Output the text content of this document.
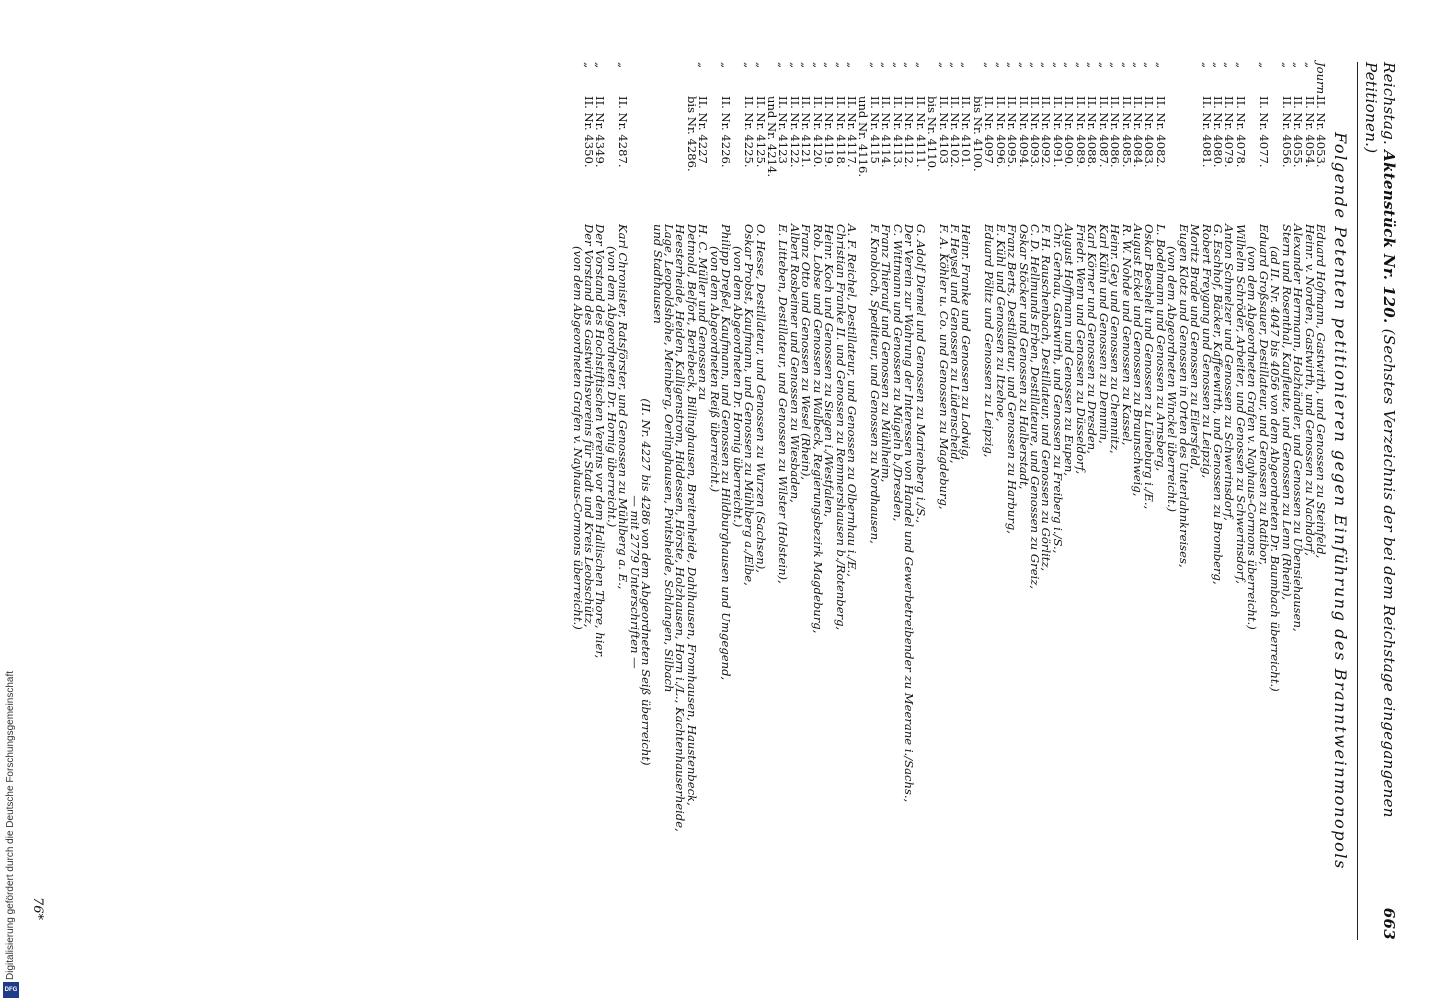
Reichstag. Aktenstück Nr. 120. (Sechstes Verzeichnis der bei dem Reichstage eingegangenen Petitionen.)
663
Folgende Petenten petitionieren gegen Einführung des Branntweinmonopols
Journ.
II. Nr. 4053.
Eduard Hofmann, Gastwirth, und Genossen zu Steinfeld,
„
II. Nr. 4054.
Heinr. v. Norden, Gastwirth, und Genossen zu Nachdorf,
„
II. Nr. 4055.
Alexander Herrmann, Holzhändler, und Genossen zu Ubensiehausen,
„
II. Nr. 4056.
Stern und Rosenthal, Kaufleute, und Genossen zu Lenn (Rhein),
(ad II. Nr. 4047 bis 4056 von dem Abgeordneten Dr. Baumbach überreicht.)
„
II. Nr. 4077.
Eduard Großsauer, Destillateur, und Genossen zu Ratibor,
(von dem Abgeordneten Grafen v. Nayhaus-Cormons überreicht.)
„
II. Nr. 4078.
Wilhelm Schröder, Arbeiter, und Genossen zu Schwerinsdorf,
„
II. Nr. 4079.
Anton Schmelzer und Genossen zu Schwerinsdorf,
„
II. Nr. 4080.
G. Eschhof, Bäcker, Kaffeewirth, und Genossen zu Bromberg,
„
II. Nr. 4081.
Robert Freygang und Genossen zu Leipzig,
Moritz Brade und Genossen zu Eilersfeld,
Eugen Klotz und Genossen in Orten des Unterlahnkreises,
(von dem Abgeordneten Winckel überreicht.)
„
II. Nr. 4082.
L. Bodelmann und Genossen zu Arnsberg,
„
II. Nr. 4083.
Oskar Boeshelt und Genossen zu Lüneburg i./E.,
„
II. Nr. 4084.
August Eckel und Genossen zu Braunschweig,
„
II. Nr. 4085.
R. W. Nohde und Genossen zu Kassel,
„
II. Nr. 4086.
Heinr. Gey und Genossen zu Chemnitz,
„
II. Nr. 4087.
Karl Kühn und Genossen zu Demmin,
„
II. Nr. 4088.
Karl Körner und Genossen zu Dresden,
„
II. Nr. 4089.
Friedr. Wenn und Genossen zu Düsseldorf,
„
II. Nr. 4090.
August Hoffmann und Genossen zu Eupen,
„
II. Nr. 4091.
Chr. Gerhau, Gastwirth, und Genossen zu Freiberg i./S.,
„
II. Nr. 4092.
F. H. Rauschenbach, Destillateur, und Genossen zu Görlitz,
„
II. Nr. 4093.
C. D. Hellmunds Erben, Destillateure, und Genossen zu Greiz,
„
II. Nr. 4094.
Oskar Stöcker und Genossen zu Halberstadt,
„
II. Nr. 4095.
Franz Berts, Destillateur, und Genossen zu Harburg,
„
II. Nr. 4096.
E. Kühl und Genossen zu Itzehoe,
„
II. Nr. 4097
Eduard Pölitz und Genossen zu Leipzig,
bis Nr. 4100.
„
II. Nr. 4101.
Heinr. Franke und Genossen zu Lodwig,
„
II. Nr. 4102.
F. Heysel und Genossen zu Lüdenscheid,
„
II. Nr. 4103
F. A. Köhler u. Co. und Genossen zu Magdeburg,
bis Nr. 4110.
„
II. Nr. 4111.
G. Adolf Diemel und Genossen zu Marienberg i./S.,
„
II. Nr. 4112.
Der Verein zur Wahrung der Interessen von Handel und Gewerbetreibender zu Meerane i./Sachs.,
„
II. Nr. 4113.
C. Wittmann und Genossen zu Mügeln b./Dresden,
„
II. Nr. 4114.
Franz Thierauf und Genossen zu Mühlheim,
„
II. Nr. 4115
F. Knobloch, Spediteur, und Genossen zu Nordhausen,
und Nr. 4116.
„
II. Nr. 4117.
A. F. Reichel, Destillateur, und Genossen zu Olbernhau i./E.,
„
II. Nr. 4118.
Christian Franke II. und Genossen zu Remmershausen b./Rotenberg,
„
II. Nr. 4119.
Heinr. Koch und Genossen zu Siegen i./Westfalen,
„
II. Nr. 4120.
Rob. Lobse und Genossen zu Walbeck, Regierungsbezirk Magdeburg,
„
II. Nr. 4121.
Franz Otto und Genossen zu Wesel (Rhein),
„
II. Nr. 4122.
Albert Rosbeimer und Genossen zu Wiesbaden,
„
II. Nr. 4123
E. Litteben, Destillateur, und Genossen zu Wilster (Holstein),
und Nr. 4214.
„
II. Nr. 4125.
O. Hesse, Destillateur, und Genossen zu Wurzen (Sachsen),
„
II. Nr. 4225.
Oskar Probst, Kaufmann, und Genossen zu Mühlberg a./Elbe,
(von dem Abgeordneten Dr. Hornig überreicht.)
„
II. Nr. 4226.
Philipp Dreßel, Kaufmann, und Genossen zu Hildburghausen und Umgegend,
(von dem Abgeordneten Reiß überreicht.)
„
II. Nr. 4227
H. C. Müller und Genossen zu
bis Nr. 4286.
Detmold, Belfort, Berlebeck, Billinghausen, Breitenheide, Dahlhausen, Fromhausen, Haustenbeck,
Heesterheide, Heiden, Kalligenstrom, Hiddessen, Hörste, Holzhausen, Horn i./L., Kachtenhauserheide,
Lage, Leopoldshöhe, Meinberg, Oerlinghausen, Pivitsheide, Schlangen, Silbach
und Stadthausen
(II. Nr. 4227 bis 4286 von dem Abgeordneten Seiß überreicht)
— mit 2779 Unterschriften —
„
II. Nr. 4287.
Karl Chronister, Ratsförster, und Genossen zu Mühlberg a. E.,
(von dem Abgeordneten Dr. Hornig überreicht.)
„
II. Nr. 4349.
Der Vorstand des Hochstiftischen Vereins vor dem Hallischen Thore, hier,
„
II. Nr. 4350.
Der Vorstand des Gastwirthsvereins für Stadt und Kreis Leobschütz,
(von dem Abgeordneten Grafen v. Nayhaus-Cormons überreicht.)
76*
Digitalisierung gefördert durch die Deutsche Forschungsgemeinschaft
DFG
